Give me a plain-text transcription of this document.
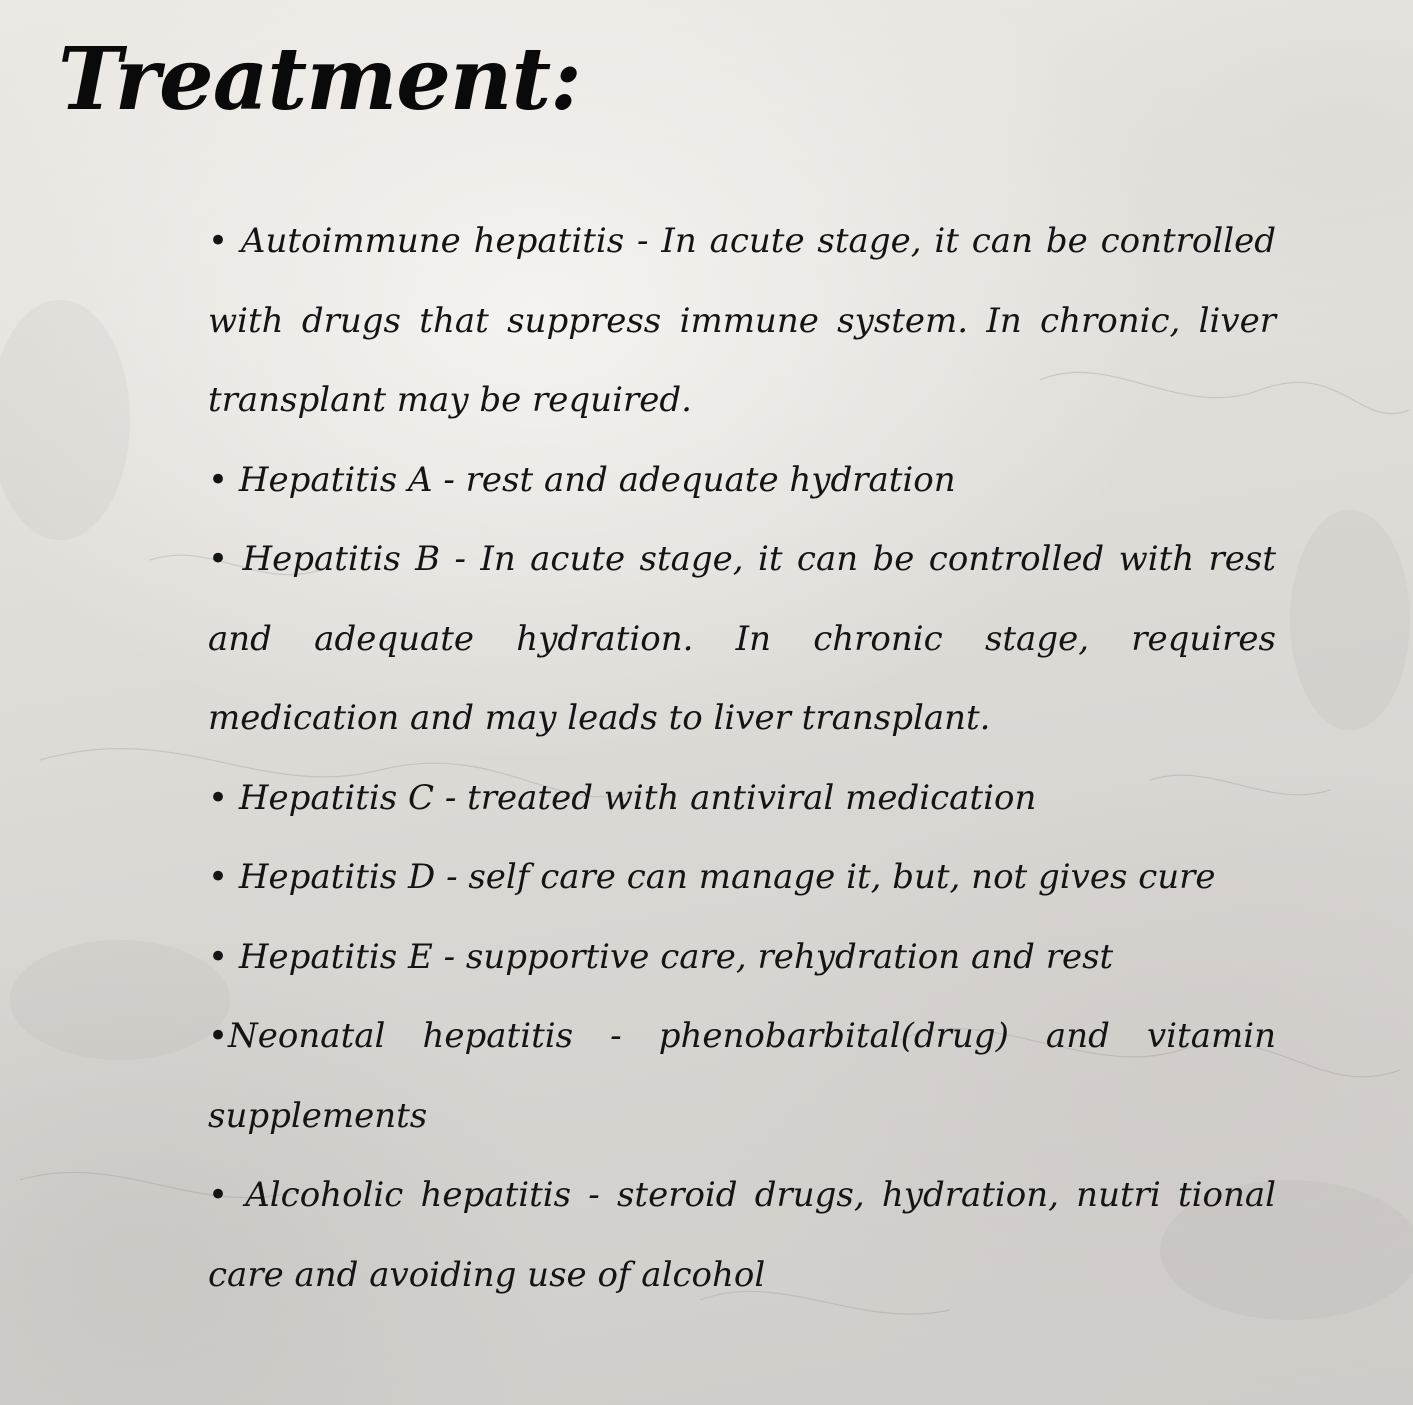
Treatment:

• Autoimmune hepatitis - In acute stage, it can be controlled with drugs that suppress immune system. In chronic, liver transplant may be required.

• Hepatitis A - rest and adequate hydration

• Hepatitis B - In acute stage, it can be controlled with rest and adequate hydration. In chronic stage, requires medication and may leads to liver transplant.

• Hepatitis C - treated with antiviral medication

• Hepatitis D - self care can manage it, but, not gives cure

• Hepatitis E - supportive care, rehydration and rest

•Neonatal hepatitis - phenobarbital(drug) and vitamin supplements

• Alcoholic hepatitis - steroid drugs, hydration, nutri tional care and avoiding use of alcohol
